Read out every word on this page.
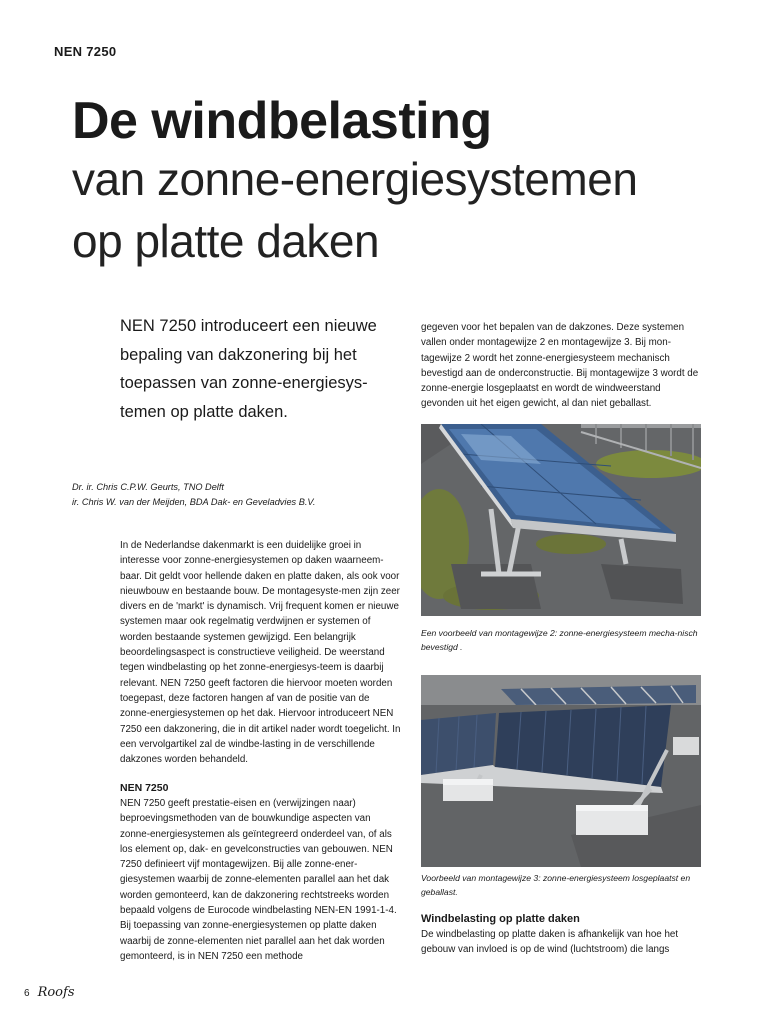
NEN 7250
De windbelasting
van zonne-energiesystemen
op platte daken
NEN 7250 introduceert een nieuwe bepaling van dakzonering bij het toepassen van zonne-energiesys-temen op platte daken.
Dr. ir. Chris C.P.W. Geurts, TNO Delft
ir. Chris W. van der Meijden, BDA Dak- en Geveladvies B.V.
In de Nederlandse dakenmarkt is een duidelijke groei in interesse voor zonne-energiesystemen op daken waarneem-baar. Dit geldt voor hellende daken en platte daken, als ook voor nieuwbouw en bestaande bouw. De montagesyste-men zijn zeer divers en de 'markt' is dynamisch. Vrij frequent komen er nieuwe systemen maar ook regelmatig verdwijnen er systemen of worden bestaande systemen gewijzigd. Een belangrijk beoordelingsaspect is constructieve veiligheid. De weerstand tegen windbelasting op het zonne-energiesys-teem is daarbij relevant. NEN 7250 geeft factoren die hiervoor moeten worden toegepast, deze factoren hangen af van de positie van de zonne-energiesystemen op het dak. Hiervoor introduceert NEN 7250 een dakzonering, die in dit artikel nader wordt toegelicht. In een vervolgartikel zal de windbe-lasting in de verschillende dakzones worden behandeld.
NEN 7250
NEN 7250 geeft prestatie-eisen en (verwijzingen naar) beproevingsmethoden van de bouwkundige aspecten van zonne-energiesystemen als geïntegreerd onderdeel van, of als los element op, dak- en gevelconstructies van gebouwen. NEN 7250 definieert vijf montagewijzen. Bij alle zonne-ener-giesystemen waarbij de zonne-elementen parallel aan het dak worden gemonteerd, kan de dakzonering rechtstreeks worden bepaald volgens de Eurocode windbelasting NEN-EN 1991-1-4. Bij toepassing van zonne-energiesystemen op platte daken waarbij de zonne-elementen niet parallel aan het dak worden gemonteerd, is in NEN 7250 een methode
gegeven voor het bepalen van de dakzones. Deze systemen vallen onder montagewijze 2 en montagewijze 3. Bij mon-tagewijze 2 wordt het zonne-energiesysteem mechanisch bevestigd aan de onderconstructie. Bij montagewijze 3 wordt de zonne-energie losgeplaatst en wordt de windweerstand gevonden uit het eigen gewicht, al dan niet geballast.
Een voorbeeld van montagewijze 2: zonne-energiesysteem mecha-nisch bevestigd .
Voorbeeld van montagewijze 3: zonne-energiesysteem losgeplaatst en geballast.
Windbelasting op platte daken
De windbelasting op platte daken is afhankelijk van hoe het gebouw van invloed is op de wind (luchtstroom) die langs
6 Roofs
